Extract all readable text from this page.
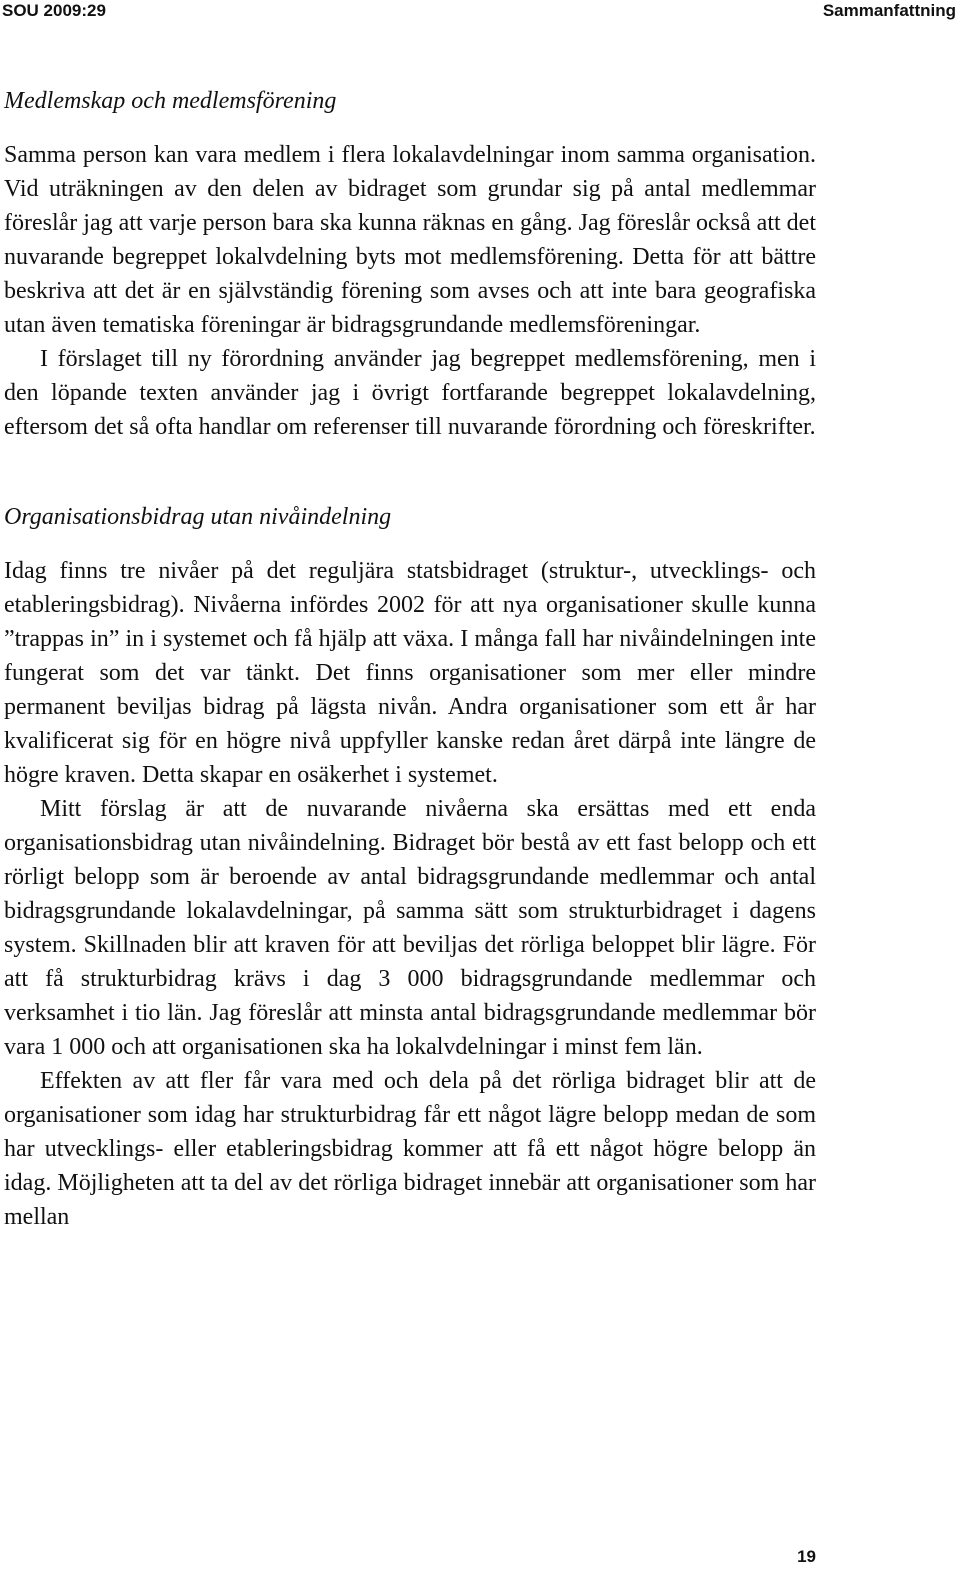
SOU 2009:29	Sammanfattning
Medlemskap och medlemsförening

Samma person kan vara medlem i flera lokalavdelningar inom samma organisation. Vid uträkningen av den delen av bidraget som grundar sig på antal medlemmar föreslår jag att varje person bara ska kunna räknas en gång. Jag föreslår också att det nuvarande begreppet lokalvdelning byts mot medlemsförening. Detta för att bättre beskriva att det är en självständig förening som avses och att inte bara geografiska utan även tematiska föreningar är bidragsgrundande medlemsföreningar.

I förslaget till ny förordning använder jag begreppet medlemsförening, men i den löpande texten använder jag i övrigt fortfarande begreppet lokalavdelning, eftersom det så ofta handlar om referenser till nuvarande förordning och föreskrifter.

Organisationsbidrag utan nivåindelning

Idag finns tre nivåer på det reguljära statsbidraget (struktur-, utvecklings- och etableringsbidrag). Nivåerna infördes 2002 för att nya organisationer skulle kunna ”trappas in” in i systemet och få hjälp att växa. I många fall har nivåindelningen inte fungerat som det var tänkt. Det finns organisationer som mer eller mindre permanent beviljas bidrag på lägsta nivån. Andra organisationer som ett år har kvalificerat sig för en högre nivå uppfyller kanske redan året därpå inte längre de högre kraven. Detta skapar en osäkerhet i systemet.

Mitt förslag är att de nuvarande nivåerna ska ersättas med ett enda organisationsbidrag utan nivåindelning. Bidraget bör bestå av ett fast belopp och ett rörligt belopp som är beroende av antal bidragsgrundande medlemmar och antal bidragsgrundande lokalavdelningar, på samma sätt som strukturbidraget i dagens system. Skillnaden blir att kraven för att beviljas det rörliga beloppet blir lägre. För att få strukturbidrag krävs i dag 3 000 bidragsgrundande medlemmar och verksamhet i tio län. Jag föreslår att minsta antal bidragsgrundande medlemmar bör vara 1 000 och att organisationen ska ha lokalvdelningar i minst fem län.

Effekten av att fler får vara med och dela på det rörliga bidraget blir att de organisationer som idag har strukturbidrag får ett något lägre belopp medan de som har utvecklings- eller etableringsbidrag kommer att få ett något högre belopp än idag. Möjligheten att ta del av det rörliga bidraget innebär att organisationer som har mellan

19
